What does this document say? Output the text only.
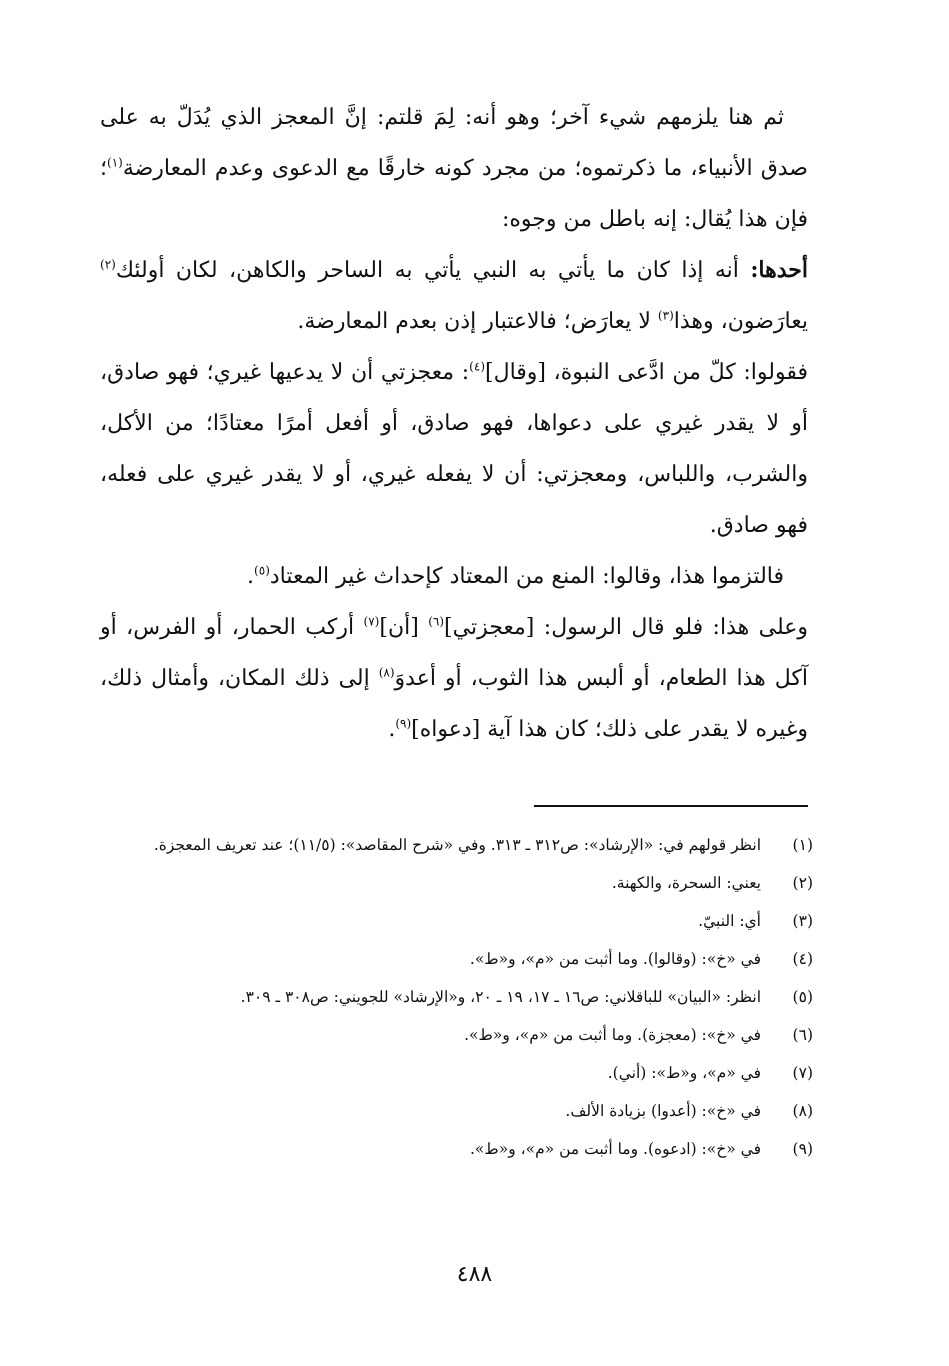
ثم هنا يلزمهم شيء آخر؛ وهو أنه: لِمَ قلتم: إنَّ المعجز الذي يُدَلّ به على صدق الأنبياء، ما ذكرتموه؛ من مجرد كونه خارقًا مع الدعوى وعدم المعارضة$^{(١)}$؛ فإن هذا يُقال: إنه باطل من وجوه:

أحدها: أنه إذا كان ما يأتي به النبي يأتي به الساحر والكاهن، لكان أولئك$^{(٢)}$ يعارَضون، وهذا$^{(٣)}$ لا يعارَض؛ فالاعتبار إذن بعدم المعارضة.

فقولوا: كلّ من ادَّعى النبوة، [وقال]$^{(٤)}$: معجزتي أن لا يدعيها غيري؛ فهو صادق، أو لا يقدر غيري على دعواها، فهو صادق، أو أفعل أمرًا معتادًا؛ من الأكل، والشرب، واللباس، ومعجزتي: أن لا يفعله غيري، أو لا يقدر غيري على فعله، فهو صادق.

فالتزموا هذا، وقالوا: المنع من المعتاد كإحداث غير المعتاد$^{(٥)}$.

وعلى هذا: فلو قال الرسول: [معجزتي]$^{(٦)}$ [أن]$^{(٧)}$ أركب الحمار، أو الفرس، أو آكل هذا الطعام، أو ألبس هذا الثوب، أو أعدوَ$^{(٨)}$ إلى ذلك المكان، وأمثال ذلك، وغيره لا يقدر على ذلك؛ كان هذا آية [دعواه]$^{(٩)}$.

(١)
انظر قولهم في: «الإرشاد»: ص٣١٢ ـ ٣١٣. وفي «شرح المقاصد»: (١١/٥)؛ عند تعريف المعجزة.
(٢)
يعني: السحرة، والكهنة.
(٣)
أي: النبيّ.
(٤)
في «خ»: (وقالوا). وما أثبت من «م»، و«ط».
(٥)
انظر: «البيان» للباقلاني: ص١٦ ـ ١٧، ١٩ ـ ٢٠، و«الإرشاد» للجويني: ص٣٠٨ ـ ٣٠٩.
(٦)
في «خ»: (معجزة). وما أثبت من «م»، و«ط».
(٧)
في «م»، و«ط»: (أني).
(٨)
في «خ»: (أعدوا) بزيادة الألف.
(٩)
في «خ»: (ادعوه). وما أثبت من «م»، و«ط».
٤٨٨
